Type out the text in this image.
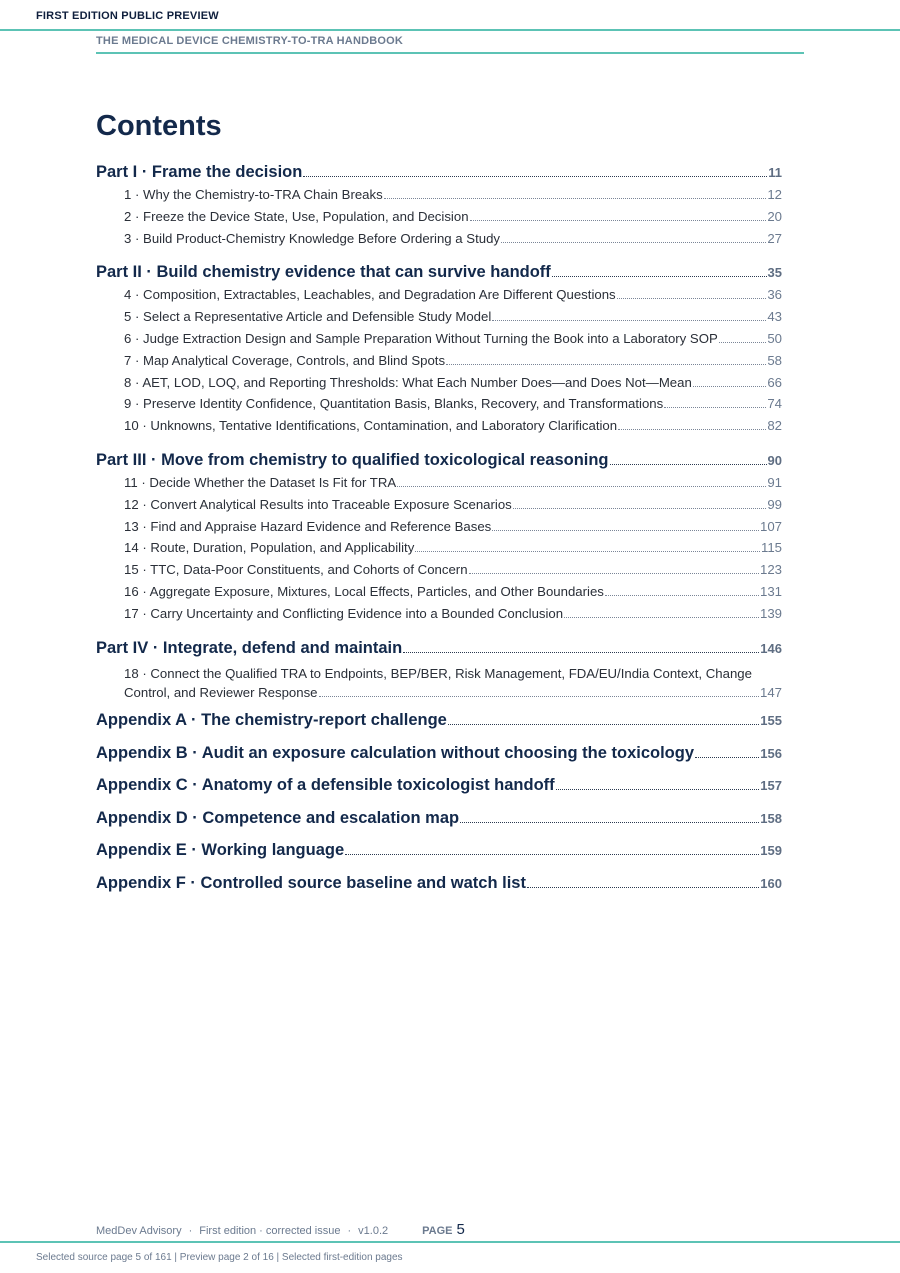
FIRST EDITION PUBLIC PREVIEW
THE MEDICAL DEVICE CHEMISTRY-TO-TRA HANDBOOK
Contents
Part I · Frame the decision	11
1 · Why the Chemistry-to-TRA Chain Breaks	12
2 · Freeze the Device State, Use, Population, and Decision	20
3 · Build Product-Chemistry Knowledge Before Ordering a Study	27
Part II · Build chemistry evidence that can survive handoff	35
4 · Composition, Extractables, Leachables, and Degradation Are Different Questions	36
5 · Select a Representative Article and Defensible Study Model	43
6 · Judge Extraction Design and Sample Preparation Without Turning the Book into a Laboratory SOP	50
7 · Map Analytical Coverage, Controls, and Blind Spots	58
8 · AET, LOD, LOQ, and Reporting Thresholds: What Each Number Does—and Does Not—Mean	66
9 · Preserve Identity Confidence, Quantitation Basis, Blanks, Recovery, and Transformations	74
10 · Unknowns, Tentative Identifications, Contamination, and Laboratory Clarification	82
Part III · Move from chemistry to qualified toxicological reasoning	90
11 · Decide Whether the Dataset Is Fit for TRA	91
12 · Convert Analytical Results into Traceable Exposure Scenarios	99
13 · Find and Appraise Hazard Evidence and Reference Bases	107
14 · Route, Duration, Population, and Applicability	115
15 · TTC, Data-Poor Constituents, and Cohorts of Concern	123
16 · Aggregate Exposure, Mixtures, Local Effects, Particles, and Other Boundaries	131
17 · Carry Uncertainty and Conflicting Evidence into a Bounded Conclusion	139
Part IV · Integrate, defend and maintain	146
18 · Connect the Qualified TRA to Endpoints, BEP/BER, Risk Management, FDA/EU/India Context, Change
Control, and Reviewer Response	147
Appendix A · The chemistry-report challenge	155
Appendix B · Audit an exposure calculation without choosing the toxicology	156
Appendix C · Anatomy of a defensible toxicologist handoff	157
Appendix D · Competence and escalation map	158
Appendix E · Working language	159
Appendix F · Controlled source baseline and watch list	160
MedDev Advisory · First edition · corrected issue · v1.0.2	PAGE 5
Selected source page 5 of 161 | Preview page 2 of 16 | Selected first-edition pages
